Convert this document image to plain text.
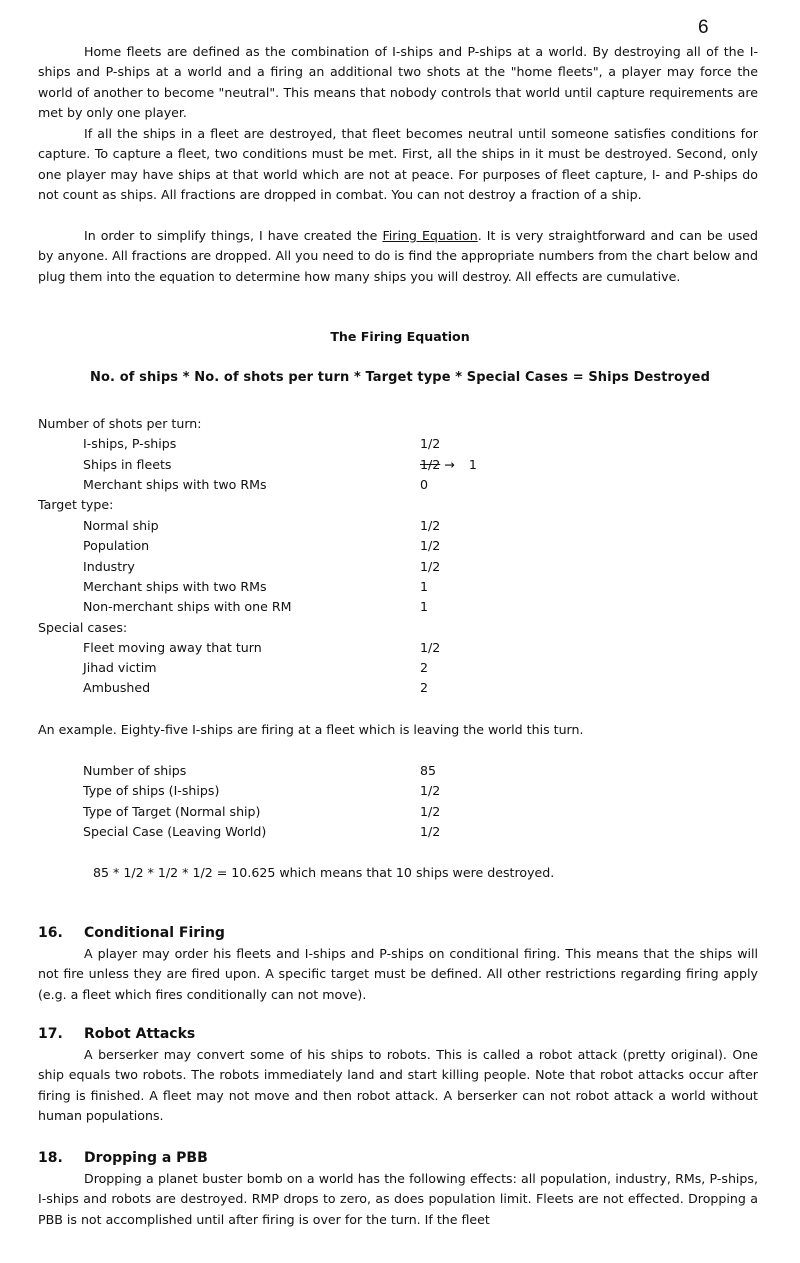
6

Home fleets are defined as the combination of I-ships and P-ships at a world. By destroying all of the I-ships and P-ships at a world and a firing an additional two shots at the "home fleets", a player may force the world of another to become "neutral". This means that nobody controls that world until capture requirements are met by only one player.

If all the ships in a fleet are destroyed, that fleet becomes neutral until someone satisfies conditions for capture. To capture a fleet, two conditions must be met. First, all the ships in it must be destroyed. Second, only one player may have ships at that world which are not at peace. For purposes of fleet capture, I- and P-ships do not count as ships. All fractions are dropped in combat. You can not destroy a fraction of a ship.

In order to simplify things, I have created the Firing Equation. It is very straightforward and can be used by anyone. All fractions are dropped. All you need to do is find the appropriate numbers from the chart below and plug them into the equation to determine how many ships you will destroy. All effects are cumulative.

The Firing Equation

No. of ships * No. of shots per turn * Target type * Special Cases = Ships Destroyed

Number of shots per turn:
I-ships, P-ships	1/2
Ships in fleets	1/2 → 1
Merchant ships with two RMs	0
Target type:
Normal ship	1/2
Population	1/2
Industry	1/2
Merchant ships with two RMs	1
Non-merchant ships with one RM	1
Special cases:
Fleet moving away that turn	1/2
Jihad victim	2
Ambushed	2

An example. Eighty-five I-ships are firing at a fleet which is leaving the world this turn.

Number of ships	85
Type of ships (I-ships)	1/2
Type of Target (Normal ship)	1/2
Special Case (Leaving World)	1/2

85 * 1/2 * 1/2 * 1/2 = 10.625 which means that 10 ships were destroyed.

16. Conditional Firing

A player may order his fleets and I-ships and P-ships on conditional firing. This means that the ships will not fire unless they are fired upon. A specific target must be defined. All other restrictions regarding firing apply (e.g. a fleet which fires conditionally can not move).

17. Robot Attacks

A berserker may convert some of his ships to robots. This is called a robot attack (pretty original). One ship equals two robots. The robots immediately land and start killing people. Note that robot attacks occur after firing is finished. A fleet may not move and then robot attack. A berserker can not robot attack a world without human populations.

18. Dropping a PBB

Dropping a planet buster bomb on a world has the following effects: all population, industry, RMs, P-ships, I-ships and robots are destroyed. RMP drops to zero, as does population limit. Fleets are not effected. Dropping a PBB is not accomplished until after firing is over for the turn. If the fleet
